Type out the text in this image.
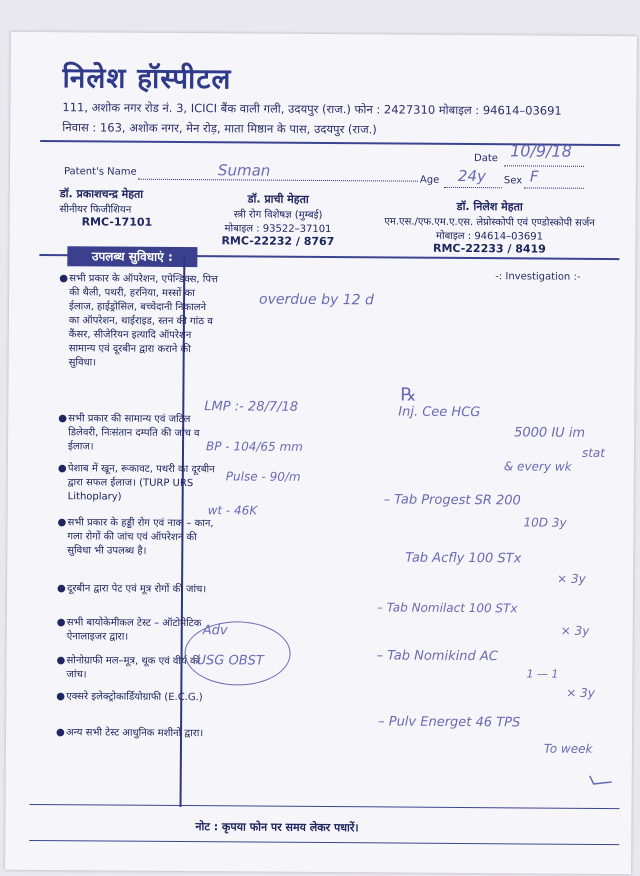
निलेश हॉस्पीटल
111, अशोक नगर रोड नं. 3, ICICI बैंक वाली गली, उदयपुर (राज.) फोन : 2427310 मोबाइल : 94614–03691
निवास : 163, अशोक नगर, मेन रोड़, माता मिष्ठान के पास, उदयपुर (राज.)
Date 10/9/18
Patent's Name	Suman
Age 24y Sex F
डॉ. प्रकाशचन्द्र मेहता
सीनीयर फिजीशियन
RMC-17101
डॉ. प्राची मेहता
स्त्री रोग विशेषज्ञ (मुम्बई)
मोबाइल : 93522–37101
RMC-22232 / 8767
डॉ. निलेश मेहता
एम.एस./एफ.एम.ए.एस. लेप्रोस्कोपी एवं एण्डोस्कोपी सर्जन
मोबाइल : 94614–03691
RMC-22233 / 8419
उपलब्ध सुविधाएं :
● सभी प्रकार के ऑपरेशन, एपेन्डिक्स, पित्त की थैली, पथरी, हरनिया, मस्सों का ईलाज, हाईड्रोसिल, बच्चेदानी निकालने का ऑपरेशन, थाईराइड, स्तन की गांठ व कैंसर, सीजेरियन इत्यादि ऑपरेशन सामान्य एवं दूरबीन द्वारा कराने की सुविधा।
● सभी प्रकार की सामान्य एवं जटिल डिलेवरी, निःसंतान दम्पति की जांच व ईलाज।
● पेशाब में खून, रूकावट, पथरी का दूरबीन द्वारा सफल ईलाज। (TURP URS Lithoplary)
● सभी प्रकार के हड्डी रोग एवं नाक – कान, गला रोगों की जांच एवं ऑपरेशन की सुविधा भी उपलब्ध है।
● दूरबीन द्वारा पेट एवं मूत्र रोगों की जांच।
● सभी बायोकेमीकल टेस्ट – ऑटोमेटिक ऐनालाइजर द्वारा।
● सोनोग्राफी मल–मूत्र, थूक एवं वीर्य की जांच।
● एक्सरे इलेक्ट्रोकार्डियोग्राफी (E.C.G.)
● अन्य सभी टेस्ट आधुनिक मशीनों द्वारा।
-: Investigation :-
overdue by 12 d
LMP :- 28/7/18
BP - 104/65 mm
Pulse - 90/m
wt - 46K
Adv
USG OBST
℞
Inj. Cee HCG
5000 IU im
stat
& every wk
– Tab Progest SR 200
10D 3y
Tab Acfly 100 STx
× 3y
– Tab Nomilact 100 STx
× 3y
– Tab Nomikind AC
1 — 1
× 3y
– Pulv Energet 46 TPS
To week
नोट : कृपया फोन पर समय लेकर पधारें।
